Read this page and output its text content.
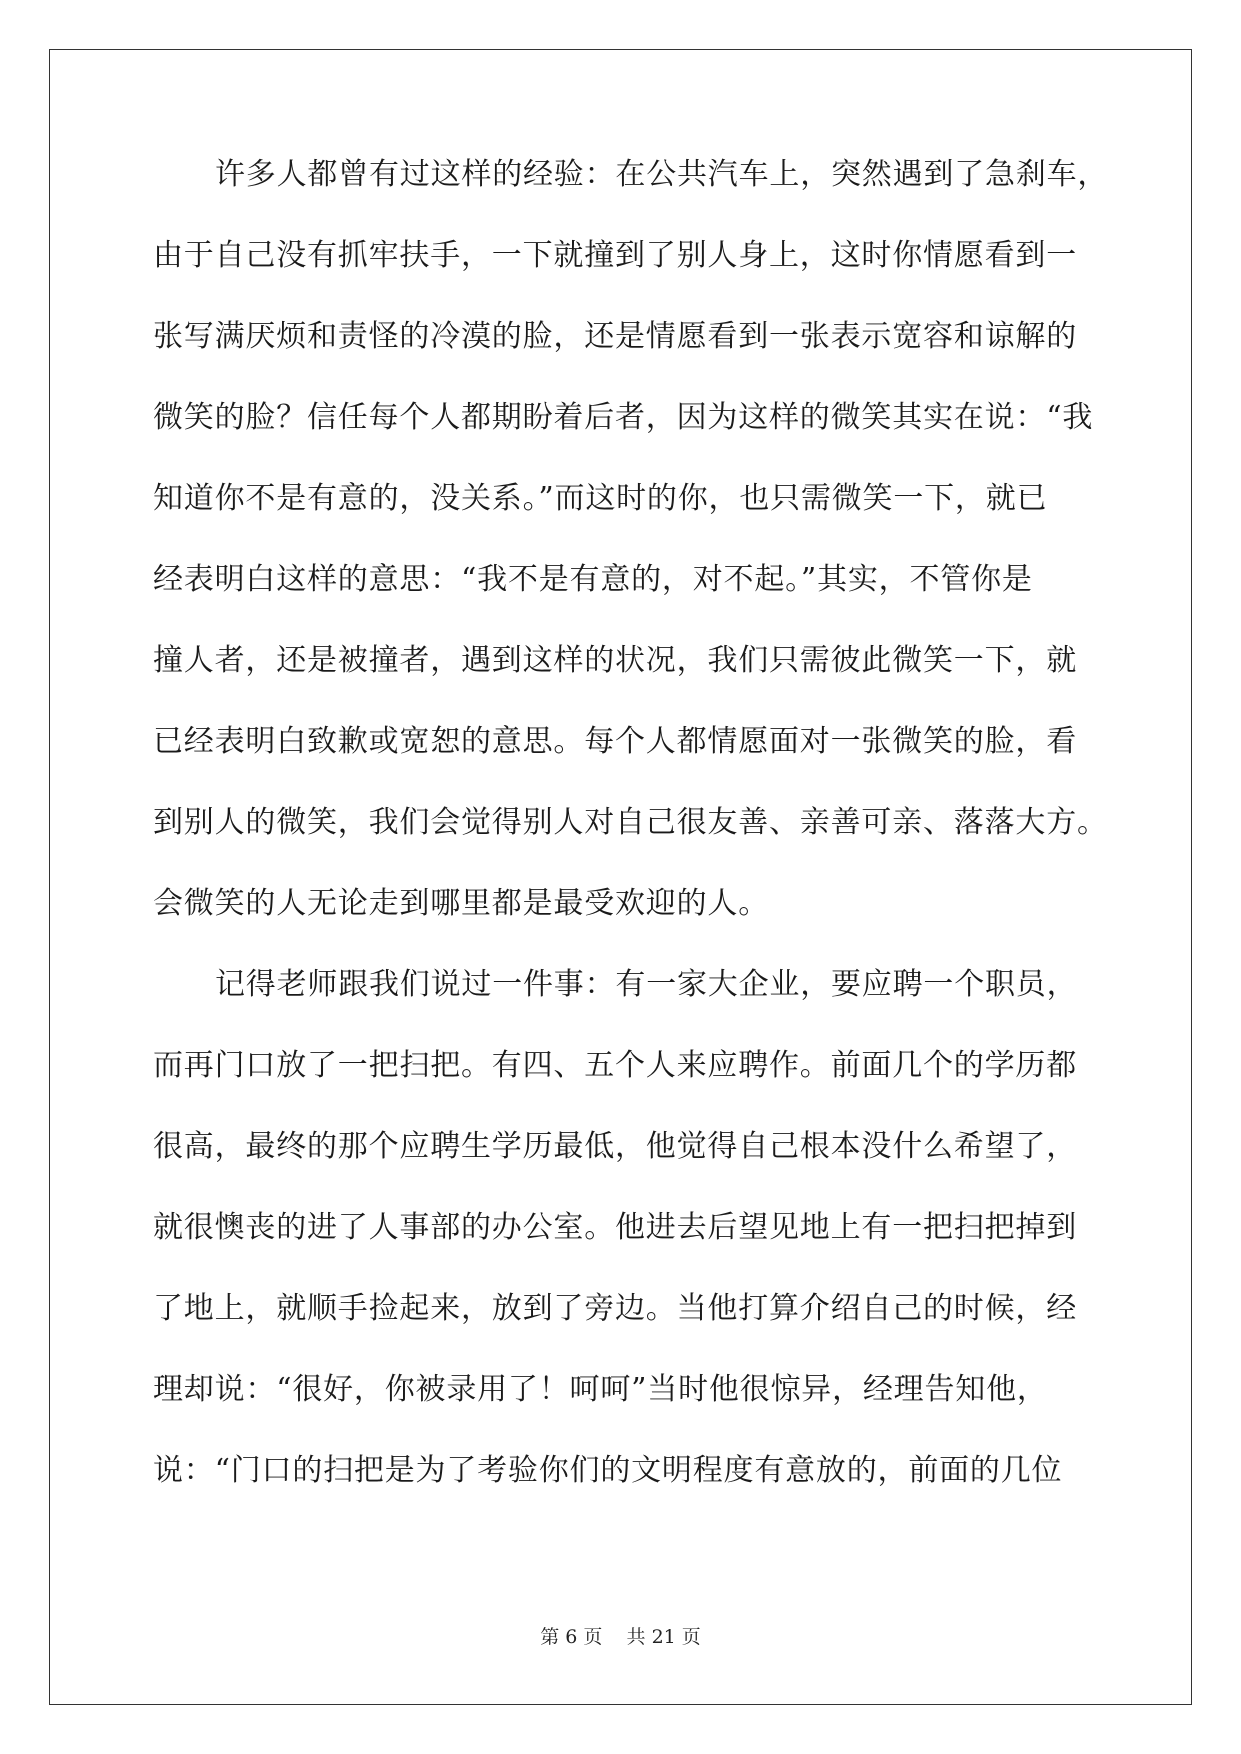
许多人都曾有过这样的经验：在公共汽车上，突然遇到了急刹车，
由于自己没有抓牢扶手，一下就撞到了别人身上，这时你情愿看到一
张写满厌烦和责怪的冷漠的脸，还是情愿看到一张表示宽容和谅解的
微笑的脸？信任每个人都期盼着后者，因为这样的微笑其实在说：“我
知道你不是有意的，没关系。”而这时的你，也只需微笑一下，就已
经表明白这样的意思：“我不是有意的，对不起。”其实，不管你是
撞人者，还是被撞者，遇到这样的状况，我们只需彼此微笑一下，就
已经表明白致歉或宽恕的意思。每个人都情愿面对一张微笑的脸，看
到别人的微笑，我们会觉得别人对自己很友善、亲善可亲、落落大方。
会微笑的人无论走到哪里都是最受欢迎的人。
记得老师跟我们说过一件事：有一家大企业，要应聘一个职员，
而再门口放了一把扫把。有四、五个人来应聘作。前面几个的学历都
很高，最终的那个应聘生学历最低，他觉得自己根本没什么希望了，
就很懊丧的进了人事部的办公室。他进去后望见地上有一把扫把掉到
了地上，就顺手捡起来，放到了旁边。当他打算介绍自己的时候，经
理却说：“很好，你被录用了！呵呵”当时他很惊异，经理告知他，
说：“门口的扫把是为了考验你们的文明程度有意放的，前面的几位
第 6 页    共 21 页
